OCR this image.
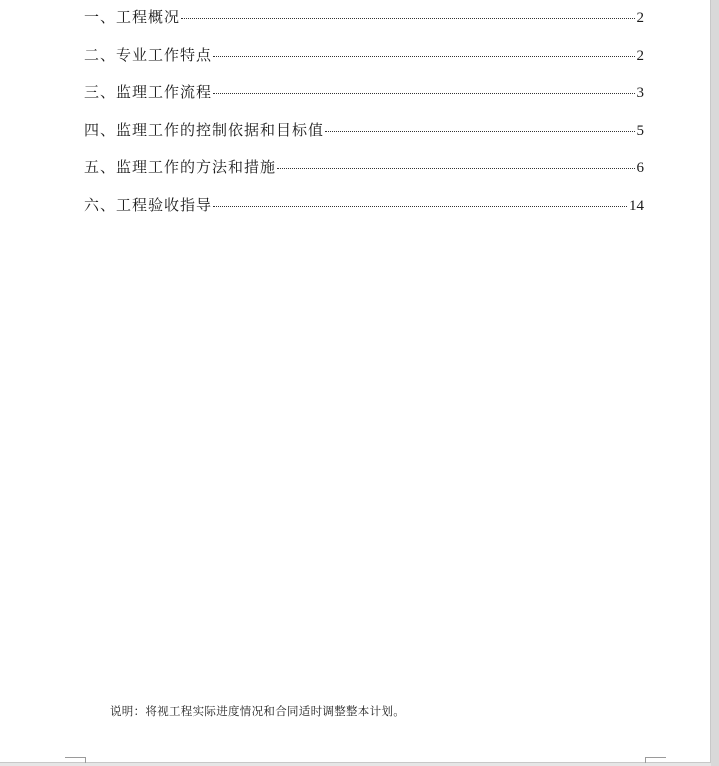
一、工程概况	2
二、专业工作特点	2
三、监理工作流程	3
四、监理工作的控制依据和目标值	5
五、监理工作的方法和措施	6
六、工程验收指导	14
说明：将视工程实际进度情况和合同适时调整整本计划。
